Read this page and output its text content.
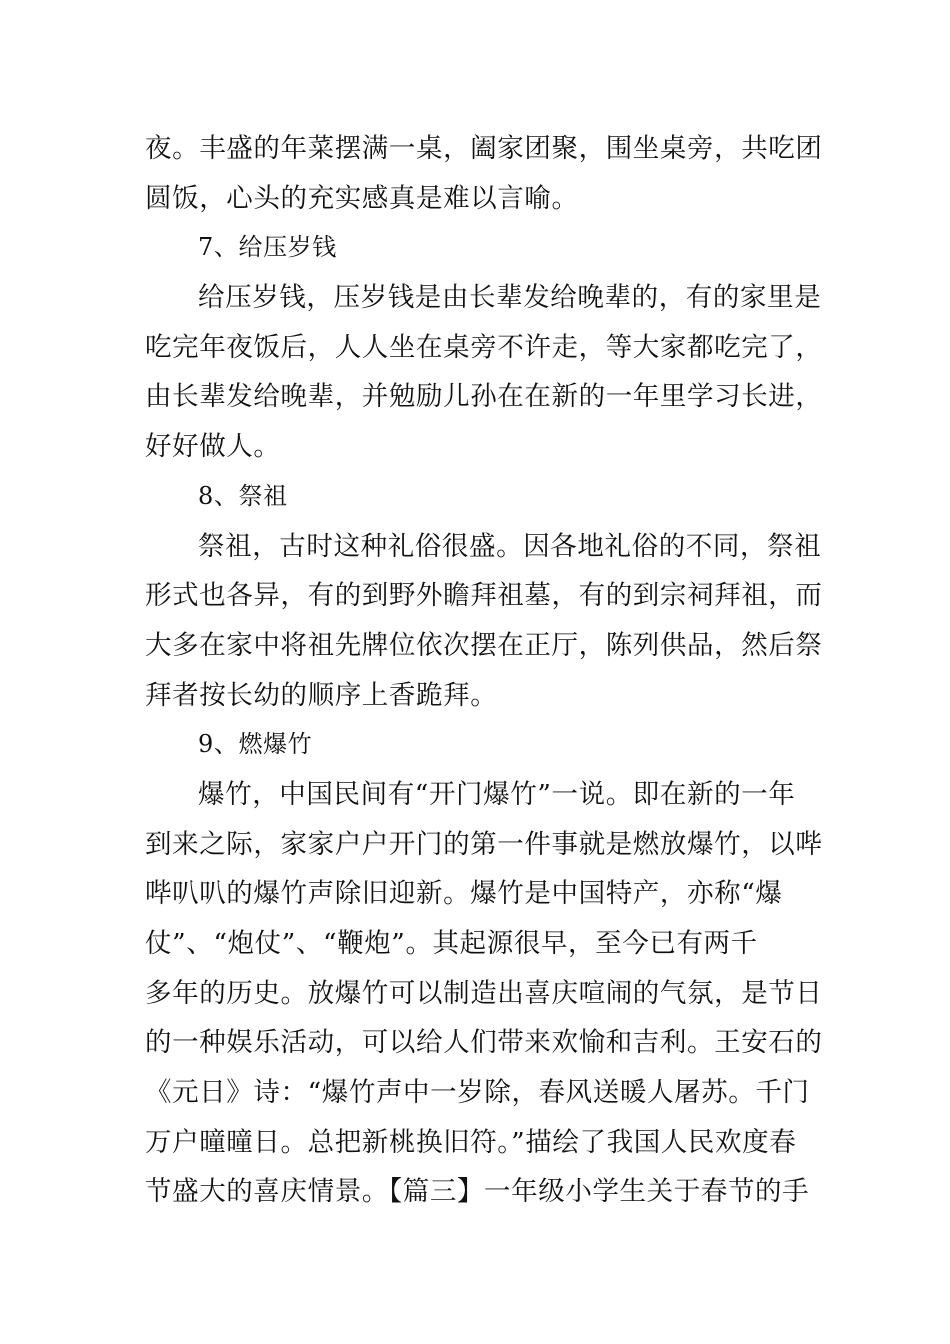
夜。丰盛的年菜摆满一桌，阖家团聚，围坐桌旁，共吃团
圆饭，心头的充实感真是难以言喻。
7、给压岁钱
给压岁钱，压岁钱是由长辈发给晚辈的，有的家里是
吃完年夜饭后，人人坐在桌旁不许走，等大家都吃完了，
由长辈发给晚辈，并勉励儿孙在在新的一年里学习长进，
好好做人。
8、祭祖
祭祖，古时这种礼俗很盛。因各地礼俗的不同，祭祖
形式也各异，有的到野外瞻拜祖墓，有的到宗祠拜祖，而
大多在家中将祖先牌位依次摆在正厅，陈列供品，然后祭
拜者按长幼的顺序上香跪拜。
9、燃爆竹
爆竹，中国民间有“开门爆竹”一说。即在新的一年
到来之际，家家户户开门的第一件事就是燃放爆竹，以哔
哔叭叭的爆竹声除旧迎新。爆竹是中国特产，亦称“爆
仗”、“炮仗”、“鞭炮”。其起源很早，至今已有两千
多年的历史。放爆竹可以制造出喜庆喧闹的气氛，是节日
的一种娱乐活动，可以给人们带来欢愉和吉利。王安石的
《元日》诗：“爆竹声中一岁除，春风送暖人屠苏。千门
万户曈曈日。总把新桃换旧符。”描绘了我国人民欢度春
节盛大的喜庆情景。【篇三】一年级小学生关于春节的手
